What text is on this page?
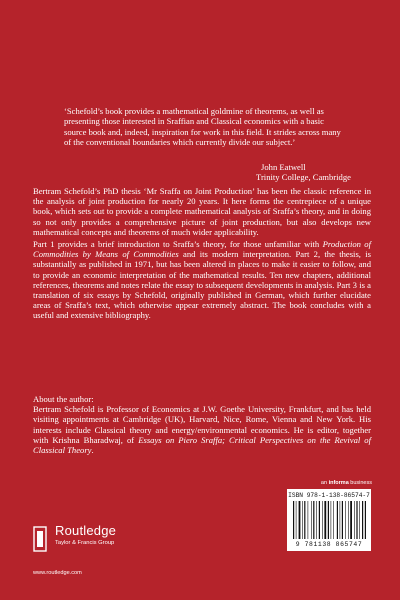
‘Schefold’s book provides a mathematical goldmine of theorems, as well as presenting those interested in Sraffian and Classical economics with a basic source book and, indeed, inspiration for work in this field. It strides across many of the conventional boundaries which currently divide our subject.’

John Eatwell
Trinity College, Cambridge

Bertram Schefold’s PhD thesis ‘Mr Sraffa on Joint Production’ has been the classic reference in the analysis of joint production for nearly 20 years. It here forms the centrepiece of a unique book, which sets out to provide a complete mathematical analysis of Sraffa’s theory, and in doing so not only provides a comprehensive picture of joint production, but also develops new mathematical concepts and theorems of much wider applicability.

Part 1 provides a brief introduction to Sraffa’s theory, for those unfamiliar with Production of Commodities by Means of Commodities and its modern interpretation. Part 2, the thesis, is substantially as published in 1971, but has been altered in places to make it easier to follow, and to provide an economic interpretation of the mathematical results. Ten new chapters, additional references, theorems and notes relate the essay to subsequent developments in analysis. Part 3 is a translation of six essays by Schefold, originally published in German, which further elucidate areas of Sraffa’s text, which otherwise appear extremely abstract. The book concludes with a useful and extensive bibliography.

About the author:

Bertram Schefold is Professor of Economics at J.W. Goethe University, Frankfurt, and has held visiting appointments at Cambridge (UK), Harvard, Nice, Rome, Vienna and New York. His interests include Classical theory and energy/environmental economics. He is editor, together with Krishna Bharadwaj, of Essays on Piero Sraffa; Critical Perspectives on the Revival of Classical Theory.

an informa business
Routledge
Taylor & Francis Group
www.routledge.com
ISBN 978-1-138-86574-7
9 781138 865747
